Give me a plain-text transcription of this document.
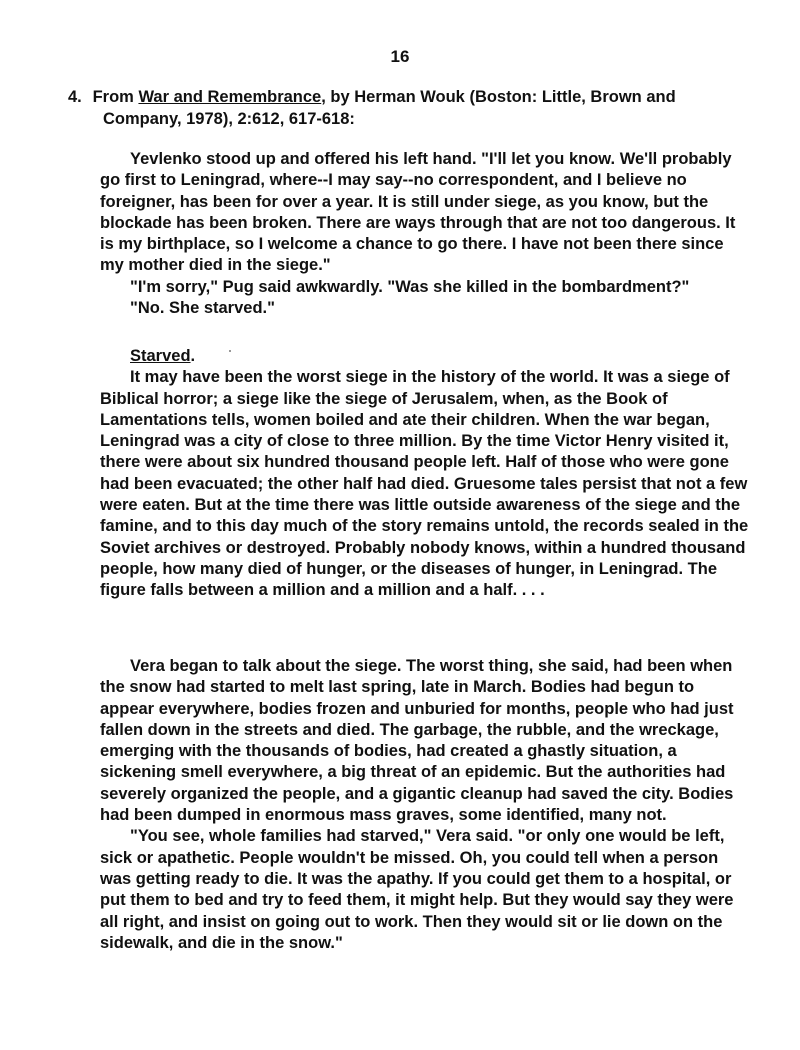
16

4. From War and Remembrance, by Herman Wouk (Boston: Little, Brown and
Company, 1978), 2:612, 617-618:

Yevlenko stood up and offered his left hand. "I'll let you know. We'll probably go first to Leningrad, where--I may say--no correspondent, and I believe no foreigner, has been for over a year. It is still under siege, as you know, but the blockade has been broken. There are ways through that are not too dangerous. It is my birthplace, so I welcome a chance to go there. I have not been there since my mother died in the siege."
"I'm sorry," Pug said awkwardly. "Was she killed in the bombardment?"
"No. She starved."
Starved.
It may have been the worst siege in the history of the world. It was a siege of Biblical horror; a siege like the siege of Jerusalem, when, as the Book of Lamentations tells, women boiled and ate their children. When the war began, Leningrad was a city of close to three million. By the time Victor Henry visited it, there were about six hundred thousand people left. Half of those who were gone had been evacuated; the other half had died. Gruesome tales persist that not a few were eaten. But at the time there was little outside awareness of the siege and the famine, and to this day much of the story remains untold, the records sealed in the Soviet archives or destroyed. Probably nobody knows, within a hundred thousand people, how many died of hunger, or the diseases of hunger, in Leningrad. The figure falls between a million and a million and a half. . . .
Vera began to talk about the siege. The worst thing, she said, had been when the snow had started to melt last spring, late in March. Bodies had begun to appear everywhere, bodies frozen and unburied for months, people who had just fallen down in the streets and died. The garbage, the rubble, and the wreckage, emerging with the thousands of bodies, had created a ghastly situation, a sickening smell everywhere, a big threat of an epidemic. But the authorities had severely organized the people, and a gigantic cleanup had saved the city. Bodies had been dumped in enormous mass graves, some identified, many not.
"You see, whole families had starved," Vera said. "or only one would be left, sick or apathetic. People wouldn't be missed. Oh, you could tell when a person was getting ready to die. It was the apathy. If you could get them to a hospital, or put them to bed and try to feed them, it might help. But they would say they were all right, and insist on going out to work. Then they would sit or lie down on the sidewalk, and die in the snow."
